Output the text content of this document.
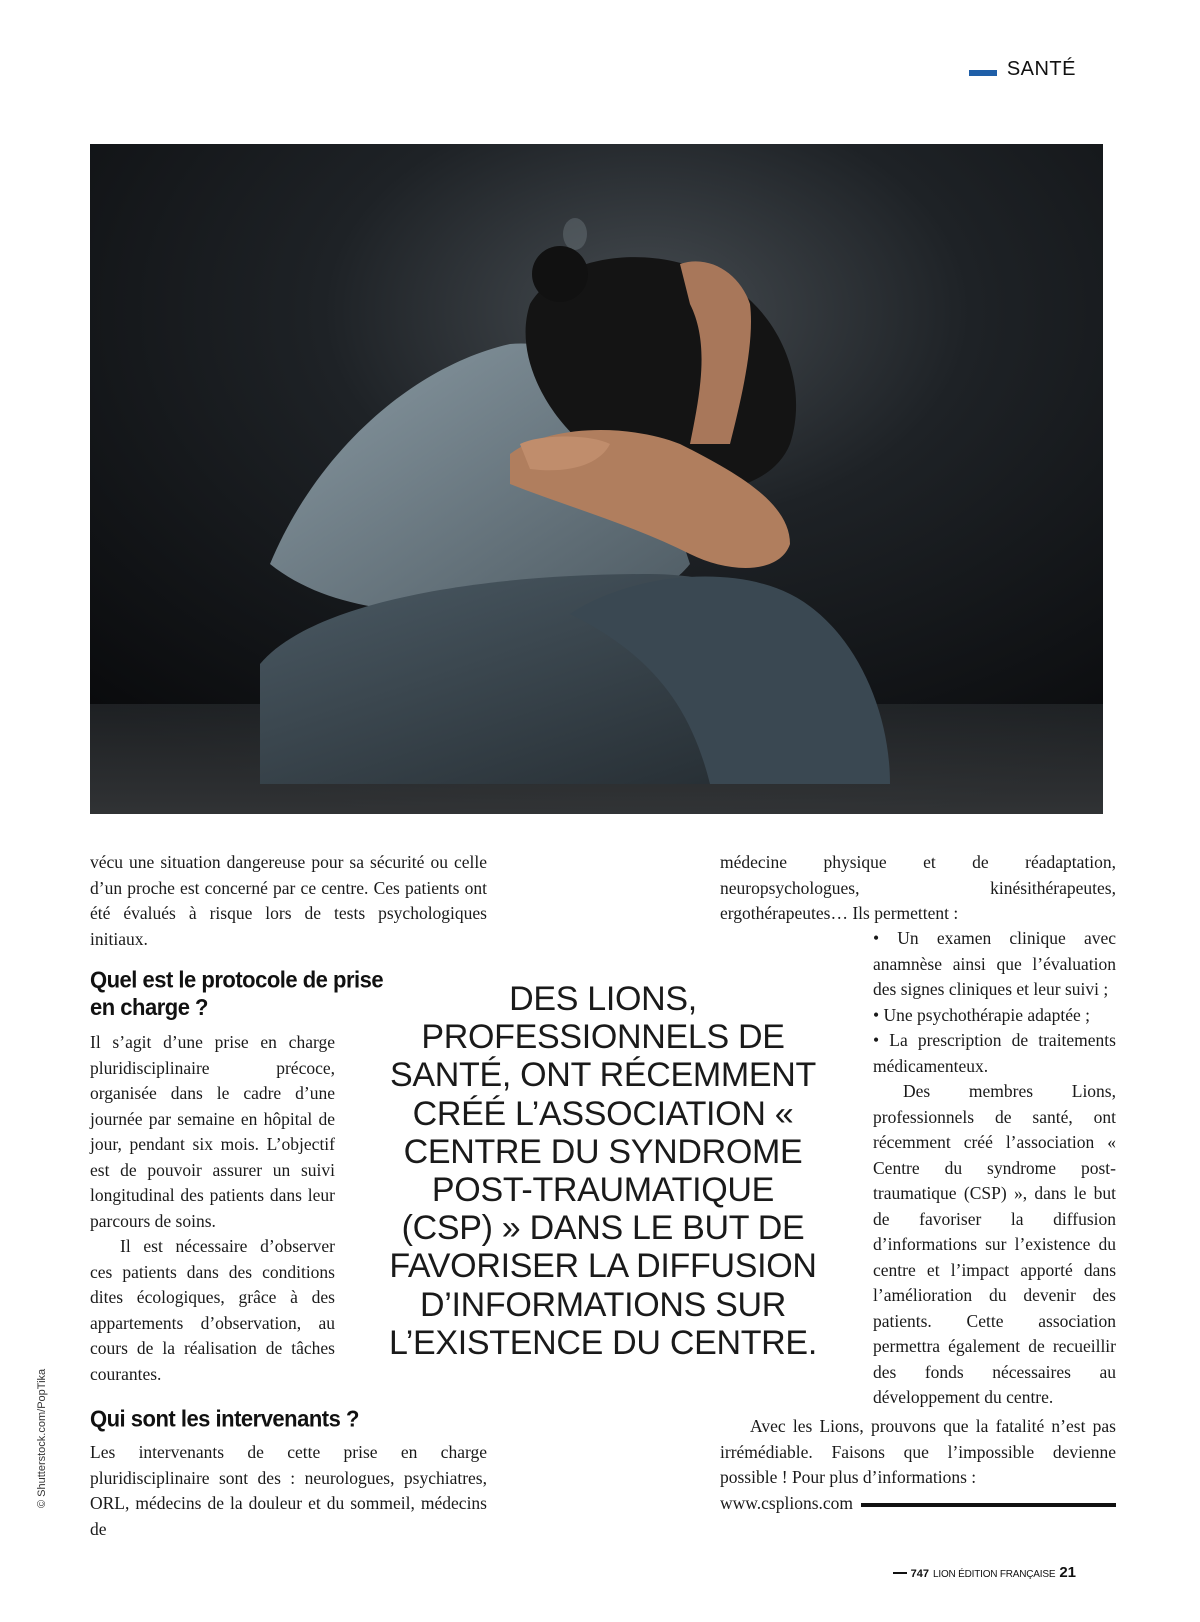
SANTÉ
© Shutterstock.com/PopTika

vécu une situation dangereuse pour sa sécurité ou celle d’un proche est concerné par ce centre. Ces patients ont été évalués à risque lors de tests psychologiques initiaux.

Quel est le protocole de prise en charge ?

Il s’agit d’une prise en charge pluridisciplinaire précoce, organisée dans le cadre d’une journée par semaine en hôpital de jour, pendant six mois. L’objectif est de pouvoir assurer un suivi longitudinal des patients dans leur parcours de soins.

Il est nécessaire d’observer ces patients dans des conditions dites écologiques, grâce à des appartements d’observation, au cours de la réalisation de tâches courantes.

Qui sont les intervenants ?

Les intervenants de cette prise en charge pluridisciplinaire sont des : neurologues, psychiatres, ORL, médecins de la douleur et du sommeil, médecins de

DES LIONS, PROFESSIONNELS DE SANTÉ, ONT RÉCEMMENT CRÉÉ L’ASSOCIATION « CENTRE DU SYNDROME POST-TRAUMATIQUE (CSP) » DANS LE BUT DE FAVORISER LA DIFFUSION D’INFORMATIONS SUR L’EXISTENCE DU CENTRE.

médecine physique et de réadaptation, neuropsychologues, kinésithérapeutes, ergothérapeutes… Ils permettent :

• Un examen clinique avec anamnèse ainsi que l’évaluation des signes cliniques et leur suivi ;

• Une psychothérapie adaptée ;

• La prescription de traitements médicamenteux.

Des membres Lions, professionnels de santé, ont récemment créé l’association « Centre du syndrome post-traumatique (CSP) », dans le but de favoriser la diffusion d’informations sur l’existence du centre et l’impact apporté dans l’amélioration du devenir des patients. Cette association permettra également de recueillir des fonds nécessaires au développement du centre.

Avec les Lions, prouvons que la fatalité n’est pas irrémédiable. Faisons que l’impossible devienne possible ! Pour plus d’informations :

www.csplions.com
747 LION ÉDITION FRANÇAISE 21
